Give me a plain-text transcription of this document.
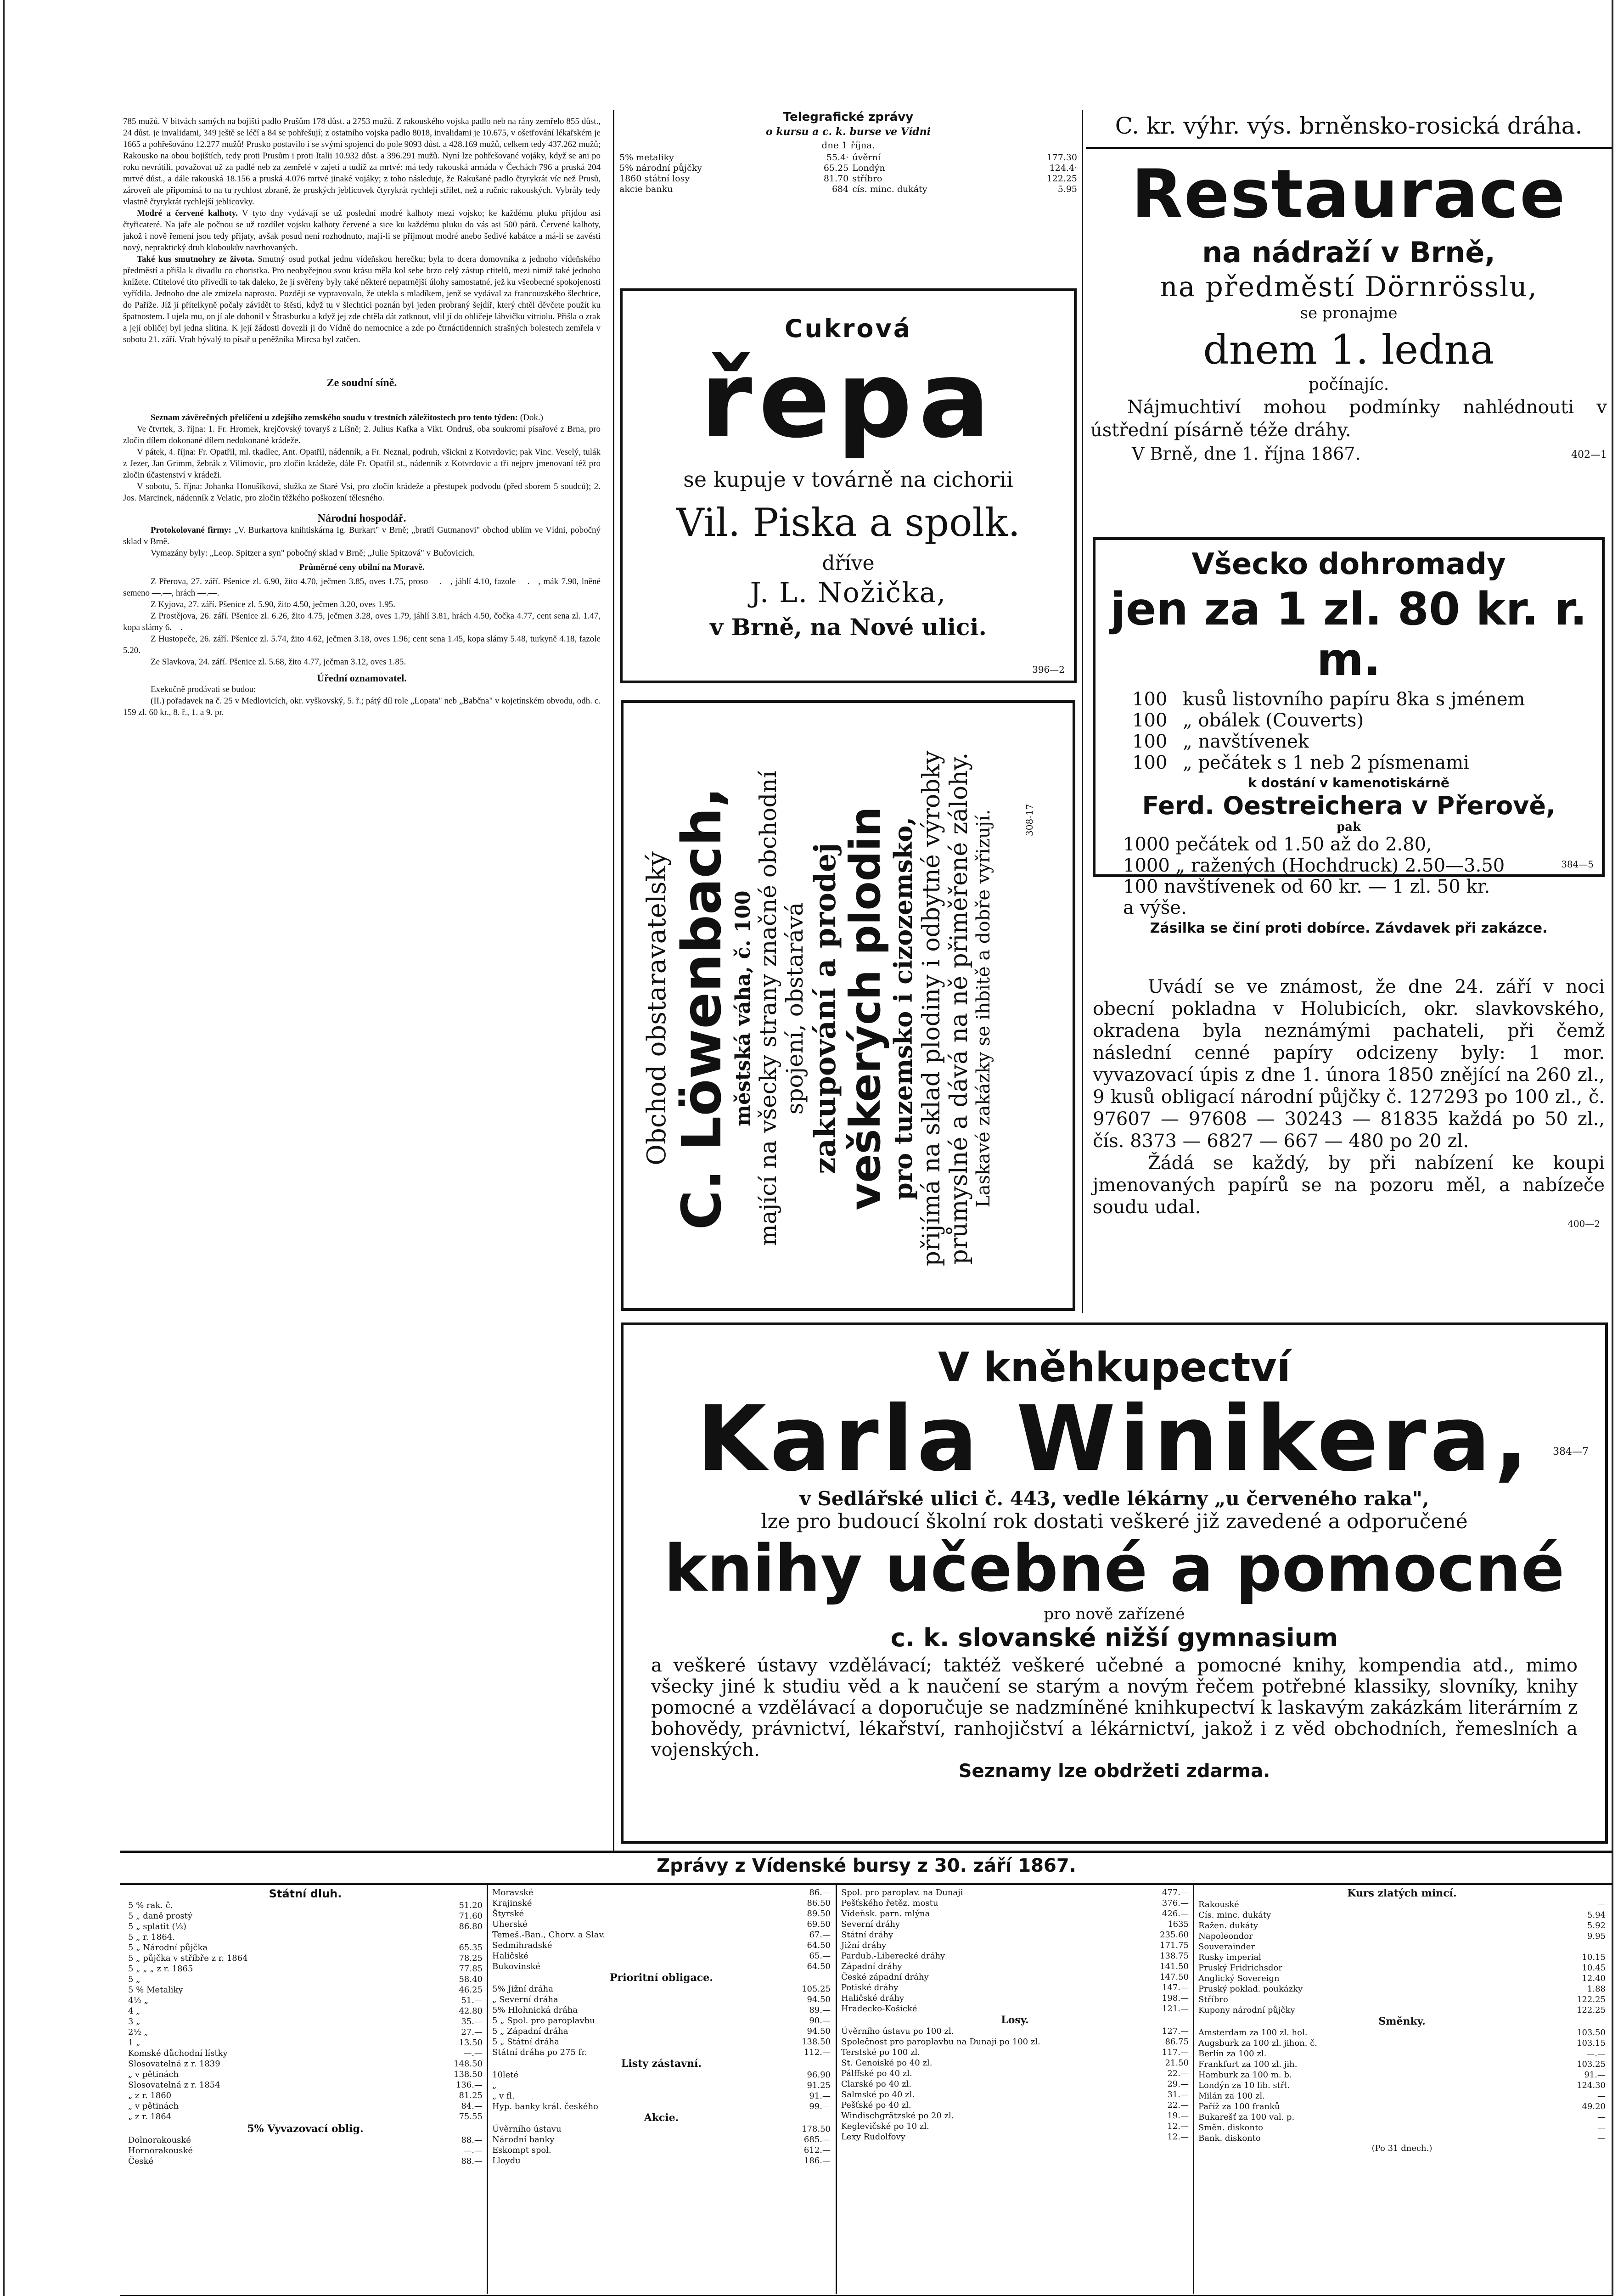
785 mužů. V bitvách samých na bojišti padlo Prušům 178 důst. a 2753 mužů. Z rakouského vojska padlo neb na rány zemřelo 855 důst., 24 důst. je invalidami, 349 ještě se léčí a 84 se pohřešují; z ostatního vojska padlo 8018, invalidami je 10.675, v ošetřování lékařském je 1665 a pohřešováno 12.277 mužů! Prusko postavilo i se svými spojenci do pole 9093 důst. a 428.169 mužů, celkem tedy 437.262 mužů; Rakousko na obou bojištích, tedy proti Prusům i proti Italii 10.932 důst. a 396.291 mužů. Nyní lze pohřešované vojáky, když se ani po roku nevrátili, považovat už za padlé neb za zemřelé v zajetí a tudíž za mrtvé: má tedy rakouská armáda v Čechách 796 a pruská 204 mrtvé důst., a dále rakouská 18.156 a pruská 4.076 mrtvé jinaké vojáky; z toho následuje, že Rakušané padlo čtyrykrát víc než Prusů, zároveň ale připomíná to na tu rychlost zbraně, že pruských jeblicovek čtyrykrát rychleji střílet, než a ručnic rakouských. Vybrály tedy vlastně čtyrykrát rychlejší jeblicovky.

Modré a červené kalhoty. V tyto dny vydávají se už poslední modré kalhoty mezi vojsko; ke každému pluku přijdou asi čtyřicateré. Na jaře ale počnou se už rozdílet vojsku kalhoty červené a sice ku každému pluku do vás asi 500 párů. Červené kalhoty, jakož i nově řemení jsou tedy přijaty, avšak posud není rozhodnuto, mají-li se přijmout modré anebo šedivé kabátce a má-li se zavésti nový, nepraktický druh kloboukův navrhovaných.

Také kus smutnohry ze života. Smutný osud potkal jednu vídeňskou herečku; byla to dcera domovníka z jednoho vídeňského předměstí a přišla k divadlu co choristka. Pro neobyčejnou svou krásu měla kol sebe brzo celý zástup ctitelů, mezi nimiž také jednoho knížete. Ctitelové tito přivedli to tak daleko, že jí svěřeny byly také některé nepatrnější úlohy samostatné, jež ku všeobecné spokojenosti vyřídila. Jednoho dne ale zmizela naprosto. Později se vypravovalo, že utekla s mladíkem, jenž se vydával za francouzského šlechtice, do Paříže. Jíž jí přítelkyně počaly závidět to štěstí, když tu v šlechtici poznán byl jeden probraný šejdíř, který chtěl děvčete použít ku špatnostem. I ujela mu, on jí ale dohonil v Štrasburku a když jej zde chtěla dát zatknout, vlil jí do obličeje lábvičku vitriolu. Přišla o zrak a její obličej byl jedna slitina. K její žádosti dovezli ji do Vídně do nemocnice a zde po čtrnáctidenních strašných bolestech zemřela v sobotu 21. září. Vrah bývalý to písař u peněžníka Mircsa byl zatčen.

Ze soudní síně.

Seznam závěrečných přelíčení u zdejšího zemského soudu v trestních záležitostech pro tento týden: (Dok.)

Ve čtvrtek, 3. října: 1. Fr. Hromek, krejčovský tovaryš z Líšně; 2. Julius Kafka a Vikt. Ondruš, oba soukromí písařové z Brna, pro zločin dílem dokonané dílem nedokonané krádeže.

V pátek, 4. října: Fr. Opatřil, ml. tkadlec, Ant. Opatřil, nádenník, a Fr. Neznal, podruh, všickni z Kotvrdovic; pak Vinc. Veselý, tulák z Jezer, Jan Grimm, žebrák z Vilimovic, pro zločin krádeže, dále Fr. Opatřil st., nádenník z Kotvrdovic a tři nejprv jmenovaní též pro zločin účastenství v krádeži.

V sobotu, 5. října: Johanka Honušíková, služka ze Staré Vsi, pro zločin krádeže a přestupek podvodu (před sborem 5 soudců); 2. Jos. Marcinek, nádenník z Velatic, pro zločin těžkého poškození tělesného.

Národní hospodář.

Protokolované firmy: „V. Burkartova knihtiskárna Ig. Burkart" v Brně; „bratří Gutmanovi" obchod ublím ve Vídni, pobočný sklad v Brně.

Vymazány byly: „Leop. Spitzer a syn" pobočný sklad v Brně; „Julie Spitzová" v Bučovicích.

Průměrné ceny obilní na Moravě.

Z Přerova, 27. září. Pšenice zl. 6.90, žito 4.70, ječmen 3.85, oves 1.75, proso —.—, jáhlí 4.10, fazole —.—, mák 7.90, lněné semeno —.—, hrách —.—.

Z Kyjova, 27. září. Pšenice zl. 5.90, žito 4.50, ječmen 3.20, oves 1.95.

Z Prostějova, 26. září. Pšenice zl. 6.26, žito 4.75, ječmen 3.28, oves 1.79, jáhlí 3.81, hrách 4.50, čočka 4.77, cent sena zl. 1.47, kopa slámy 6.—.

Z Hustopeče, 26. září. Pšenice zl. 5.74, žito 4.62, ječmen 3.18, oves 1.96; cent sena 1.45, kopa slámy 5.48, turkyně 4.18, fazole 5.20.

Ze Slavkova, 24. září. Pšenice zl. 5.68, žito 4.77, ječman 3.12, oves 1.85.

Úřední oznamovatel.

Exekučně prodávati se budou:

(II.) pořadavek na č. 25 v Medlovicích, okr. vyškovský, 5. ř.; pátý díl role „Lopata" neb „Babčna" v kojetínském obvodu, odh. c. 159 zl. 60 kr., 8. ř., 1. a 9. pr.

Telegrafické zprávy
o kursu a c. k. burse ve Vídni
dne 1 října.
5% metaliky	55.4·	úvěrní	177.30
5% národní půjčky	65.25	Londýn	124.4·
1860 státní losy	81.70	stříbro	122.25
akcie banku	684	cís. minc. dukáty	5.95
Cukrová
řepa
se kupuje v továrně na cichorii
Vil. Piska a spolk.
dříve
J. L. Nožička,
v Brně, na Nové ulici.
396—2
Obchod obstaravatelský
C. Löwenbach,
městská váha, č. 100 mající na všecky strany značné obchodní spojení, obstarává zakupování a prodej
veškerých plodin
pro tuzemsko i cizozemsko, přijímá na sklad plodiny i odbytné výrobky průmyslné a dává na ně přiměřené zálohy. Laskavé zakázky se ihbitě a dobře vyřizují.	308-17
C. kr. výhr. výs. brněnsko-rosická dráha.
Restaurace
na nádraží v Brně,
na předměstí Dörnrösslu,
se pronajme
dnem 1. ledna
počínajíc.
Nájmuchtiví mohou podmínky nahlédnouti v ústřední písárně téže dráhy.
V Brně, dne 1. října 1867.	402—1
Všecko dohromady
jen za 1 zl. 80 kr. r. m.
100 kusů listovního papíru 8ka s jménem
100 „ obálek (Couverts)
100 „ navštívenek
100 „ pečátek s 1 neb 2 písmenami
k dostání v kamenotiskárně
Ferd. Oestreichera v Přerově,
pak
1000 pečátek od 1.50 až do 2.80,
1000 „ ražených (Hochdruck) 2.50—3.50
100 navštívenek od 60 kr. — 1 zl. 50 kr.
a výše.
Zásilka se činí proti dobírce. Závdavek při zakázce.
384—5
Uvádí se ve známost, že dne 24. září v noci obecní pokladna v Holubicích, okr. slavkovského, okradena byla neznámými pachateli, při čemž následní cenné papíry odcizeny byly: 1 mor. vyvazovací úpis z dne 1. února 1850 znějící na 260 zl., 9 kusů obligací národní půjčky č. 127293 po 100 zl., č. 97607 — 97608 — 30243 — 81835 každá po 50 zl., čís. 8373 — 6827 — 667 — 480 po 20 zl.
Žádá se každý, by při nabízení ke koupi jmenovaných papírů se na pozoru měl, a nabízeče soudu udal.
400—2
V kněhkupectví
Karla Winikera,	384—7
v Sedlářské ulici č. 443, vedle lékárny „u červeného raka",
lze pro budoucí školní rok dostati veškeré již zavedené a odporučené
knihy učebné a pomocné
pro nově zařízené
c. k. slovanské nižší gymnasium
a veškeré ústavy vzdělávací; taktéž veškeré učebné a pomocné knihy, kompendia atd., mimo všecky jiné k studiu věd a k naučení se starým a novým řečem potřebné klassiky, slovníky, knihy pomocné a vzdělávací a doporučuje se nadzmíněné knihkupectví k laskavým zakázkám literárním z bohovědy, právnictví, lékařství, ranhojičství a lékárnictví, jakož i z věd obchodních, řemeslních a vojenských.
Seznamy lze obdržeti zdarma.
Zprávy z Vídenské bursy z 30. září 1867.
Státní dluh.
5 % rak. č.	51.20
5 „ daně prostý	71.60
5 „ splatit (⅓)	86.80
5 „ r. 1864.	
5 „ Národní půjčka	65.35
5 „ půjčka v stříbře z r. 1864	78.25
5 „ „ „ z r. 1865	77.85
5 „	58.40
5 % Metaliky	46.25
4½ „	51.—
4 „	42.80
3 „	35.—
2½ „	27.—
1 „	13.50
Komské důchodní lístky	—.—
Slosovatelná z r. 1839	148.50
„ v pětinách	138.50
Slosovatelná z r. 1854	136.—
„ z r. 1860	81.25
„ v pětinách	84.—
„ z r. 1864	75.55
5% Vyvazovací oblig.
Dolnorakouské	88.—
Hornorakouské	—.—
České	88.—
Moravské	86.—
Krajinské	86.50
Štyrské	89.50
Uherské	69.50
Temeš.-Ban., Chorv. a Slav.	67.—
Sedmihradské	64.50
Haličské	65.—
Bukovinské	64.50
Prioritní obligace.
5% Jižní dráha	105.25
„ Severní dráha	94.50
5% Hlohnická dráha	89.—
5 „ Spol. pro paroplavbu	90.—
5 „ Západní dráha	94.50
5 „ Státní dráha	138.50
Státní dráha po 275 fr.	112.—
Listy zástavní.
10leté	96.90
„	91.25
„ v fl.	91.—
Hyp. banky král. českého	99.—
Akcie.
Úvěrního ústavu	178.50
Národní banky	685.—
Eskompt spol.	612.—
Lloydu	186.—
Spol. pro paroplav. na Dunaji	477.—
Pešťského řetěz. mostu	376.—
Vídeňsk. parn. mlýna	426.—
Severní dráhy	1635
Státní dráhy	235.60
Jižní dráhy	171.75
Pardub.-Liberecké dráhy	138.75
Západní dráhy	141.50
České západní dráhy	147.50
Potiské dráhy	147.—
Haličské dráhy	198.—
Hradecko-Košické	121.—
Losy.
Úvěrního ústavu po 100 zl.	127.—
Společnost pro paroplavbu na Dunaji po 100 zl.	86.75
Terstské po 100 zl.	117.—
St. Genoiské po 40 zl.	21.50
Pálffské po 40 zl.	22.—
Clarské po 40 zl.	29.—
Salmské po 40 zl.	31.—
Pešťské po 40 zl.	22.—
Windischgrätzské po 20 zl.	19.—
Keglevičské po 10 zl.	12.—
Lexy Rudolfovy	12.—
Kurs zlatých mincí.
Rakouské	—
Cís. minc. dukáty	5.94
Ražen. dukáty	5.92
Napoleondor	9.95
Souverainder	
Rusky imperial	10.15
Pruský Fridrichsdor	10.45
Anglický Sovereign	12.40
Pruský poklad. poukázky	1.88
Stříbro	122.25
Kupony národní půjčky	122.25
Směnky.
Amsterdam za 100 zl. hol.	103.50
Augsburk za 100 zl. jihon. č.	103.15
Berlín za 100 zl.	—.—
Frankfurt za 100 zl. jih.	103.25
Hamburk za 100 m. b.	91.—
Londýn za 10 lib. střl.	124.30
Milán za 100 zl.	—
Paříž za 100 franků	49.20
Bukarešť za 100 val. p.	—
Směn. diskonto	—
Bank. diskonto	—
(Po 31 dnech.)
